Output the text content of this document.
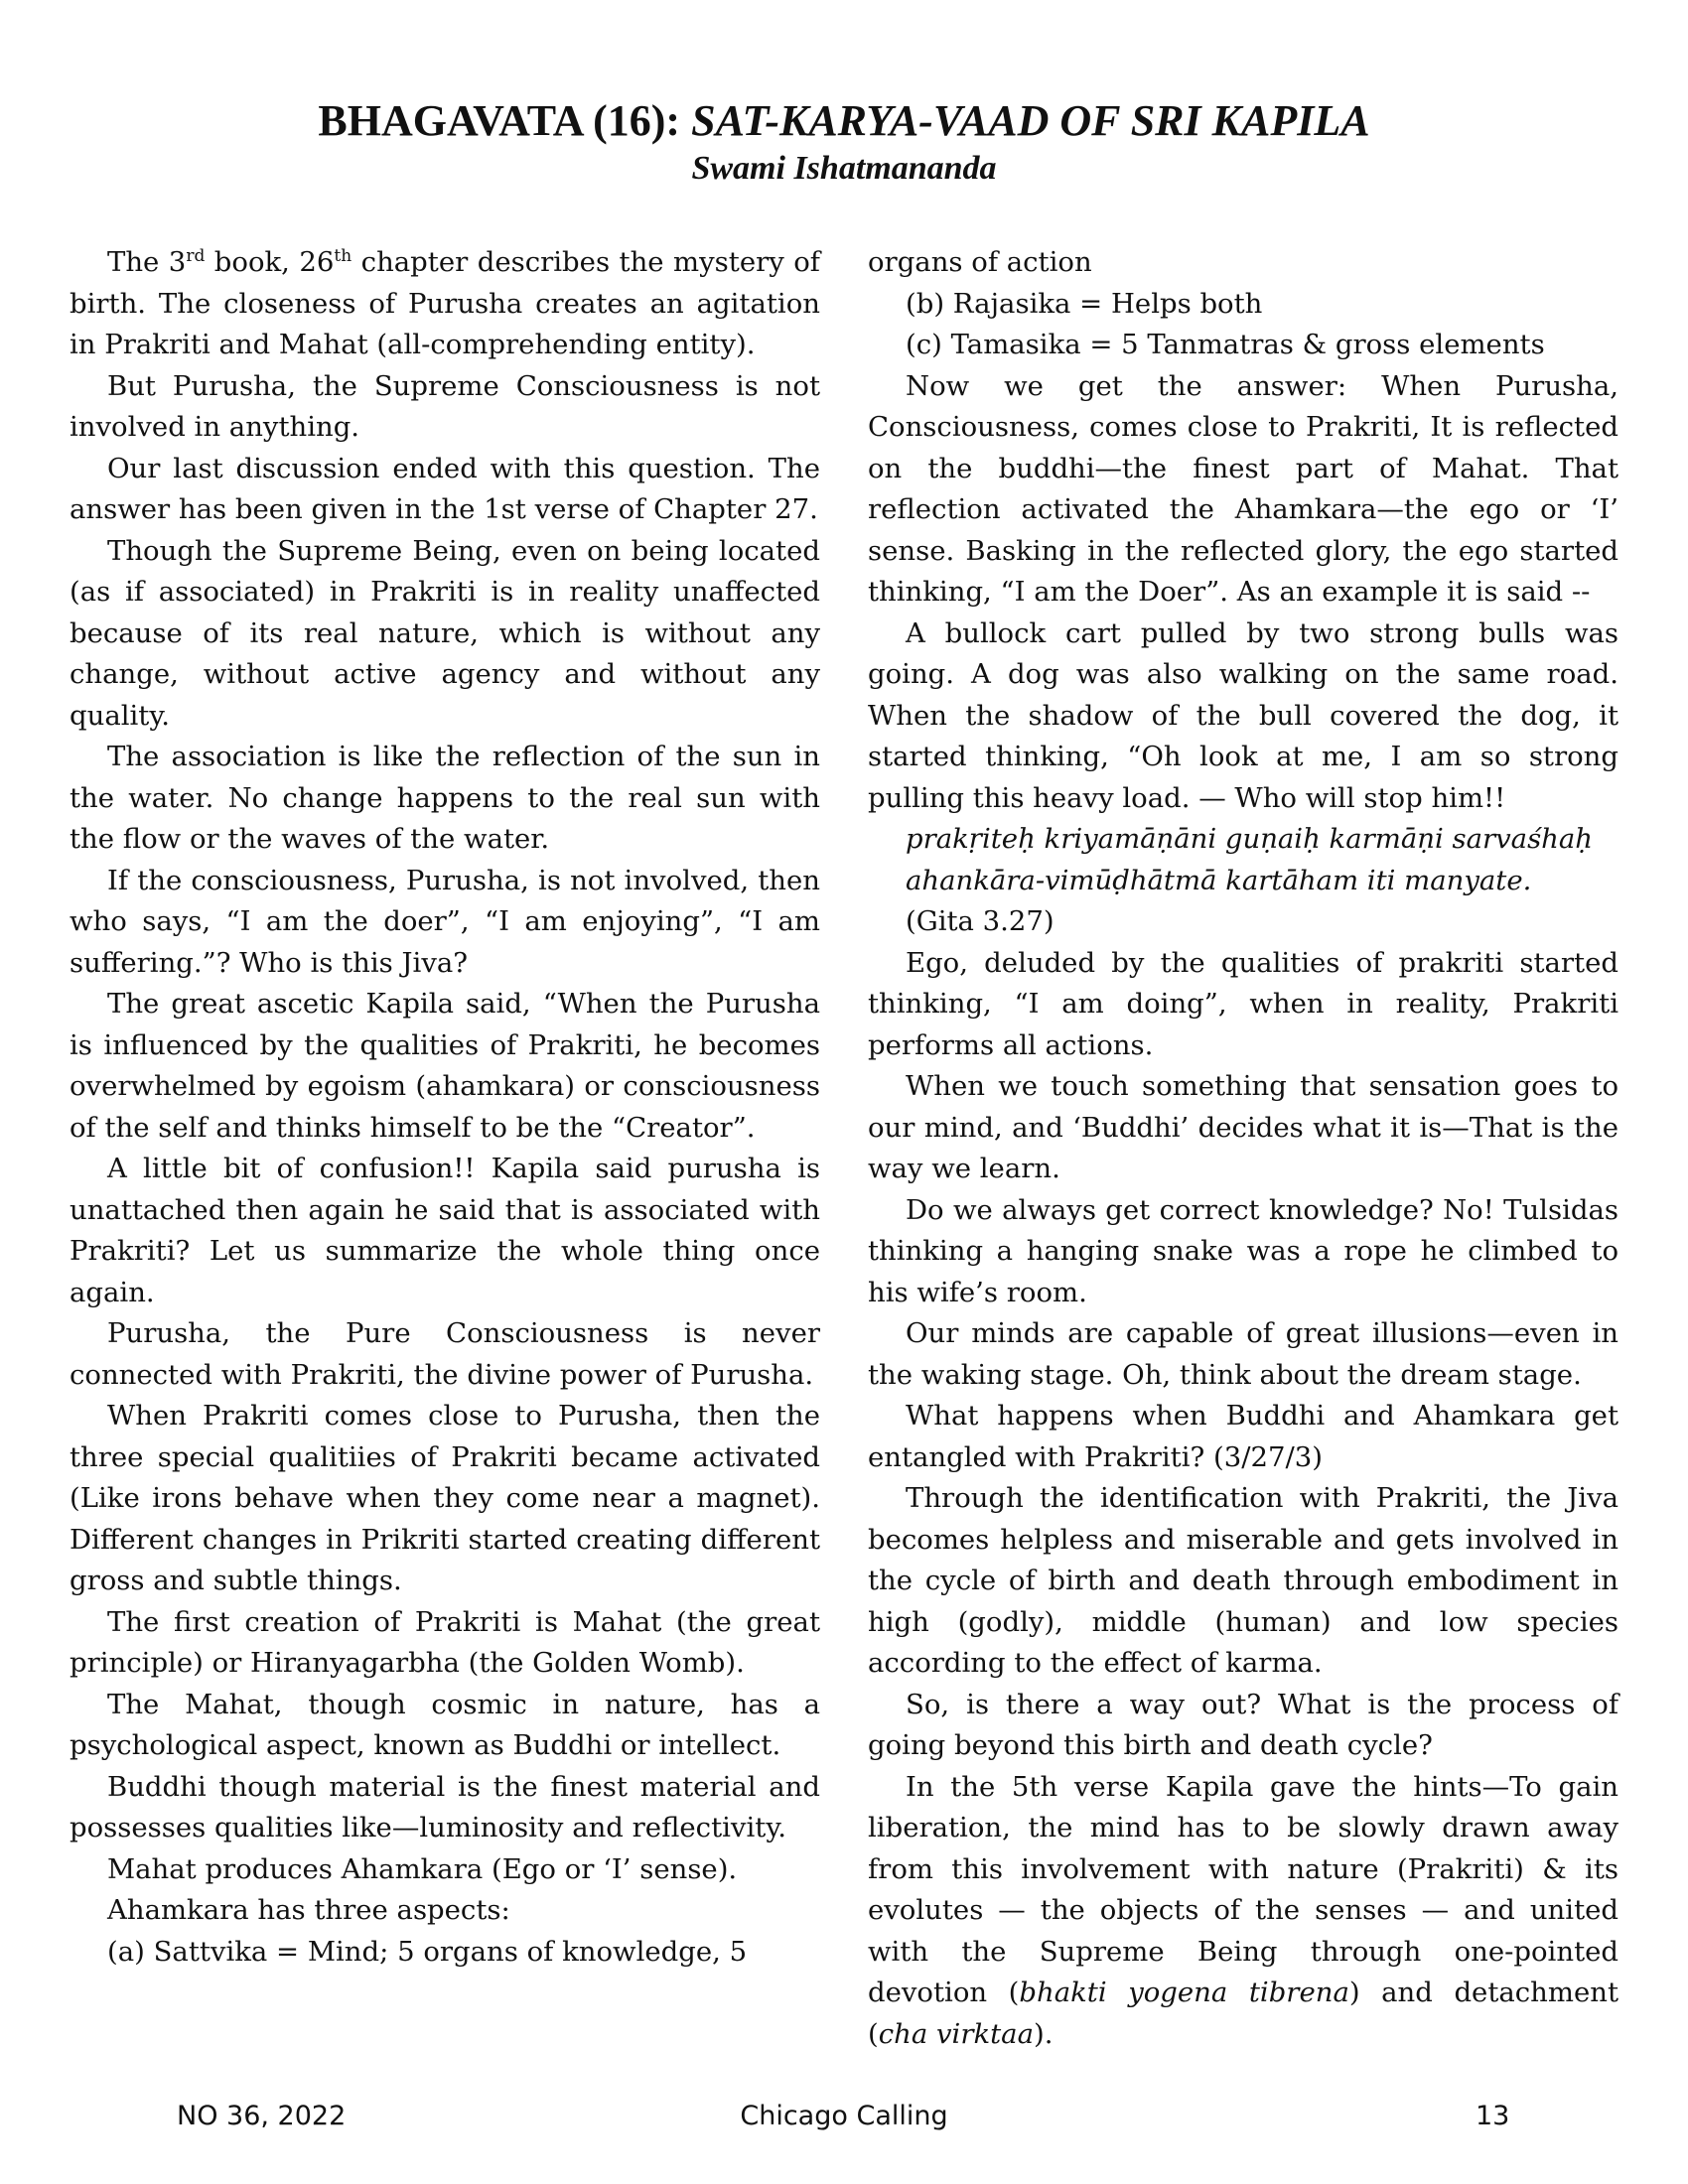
BHAGAVATA (16): SAT-KARYA-VAAD OF SRI KAPILA
Swami Ishatmananda

The 3rd book, 26th chapter describes the mystery of birth. The closeness of Purusha creates an agitation in Prakriti and Mahat (all-comprehending entity).

But Purusha, the Supreme Consciousness is not involved in anything.

Our last discussion ended with this question. The answer has been given in the 1st verse of Chapter 27.

Though the Supreme Being, even on being located (as if associated) in Prakriti is in reality unaffected because of its real nature, which is without any change, without active agency and without any quality.

The association is like the reflection of the sun in the water. No change happens to the real sun with the flow or the waves of the water.

If the consciousness, Purusha, is not involved, then who says, “I am the doer”, “I am enjoying”, “I am suffering.”? Who is this Jiva?

The great ascetic Kapila said, “When the Purusha is influenced by the qualities of Prakriti, he becomes overwhelmed by egoism (ahamkara) or consciousness of the self and thinks himself to be the “Creator”.

A little bit of confusion!! Kapila said purusha is unattached then again he said that is associated with Prakriti? Let us summarize the whole thing once again.

Purusha, the Pure Consciousness is never connected with Prakriti, the divine power of Purusha.

When Prakriti comes close to Purusha, then the three special qualitiies of Prakriti became activated (Like irons behave when they come near a magnet). Different changes in Prikriti started creating different gross and subtle things.

The first creation of Prakriti is Mahat (the great principle) or Hiranyagarbha (the Golden Womb).

The Mahat, though cosmic in nature, has a psychological aspect, known as Buddhi or intellect.

Buddhi though material is the finest material and possesses qualities like—luminosity and reflectivity.

Mahat produces Ahamkara (Ego or ‘I’ sense).

Ahamkara has three aspects:

(a) Sattvika = Mind; 5 organs of knowledge, 5

organs of action

(b) Rajasika = Helps both

(c) Tamasika = 5 Tanmatras & gross elements

Now we get the answer: When Purusha, Consciousness, comes close to Prakriti, It is reflected on the buddhi—the finest part of Mahat. That reflection activated the Ahamkara—the ego or ‘I’ sense. Basking in the reflected glory, the ego started thinking, “I am the Doer”. As an example it is said --

A bullock cart pulled by two strong bulls was going. A dog was also walking on the same road. When the shadow of the bull covered the dog, it started thinking, “Oh look at me, I am so strong pulling this heavy load. — Who will stop him!!

prakṛiteḥ kriyamāṇāni guṇaiḥ karmāṇi sarvaśhaḥ

ahankāra-vimūḍhātmā kartāham iti manyate.

(Gita 3.27)

Ego, deluded by the qualities of prakriti started thinking, “I am doing”, when in reality, Prakriti performs all actions.

When we touch something that sensation goes to our mind, and ‘Buddhi’ decides what it is—That is the way we learn.

Do we always get correct knowledge? No! Tulsidas thinking a hanging snake was a rope he climbed to his wife’s room.

Our minds are capable of great illusions—even in the waking stage. Oh, think about the dream stage.

What happens when Buddhi and Ahamkara get entangled with Prakriti? (3/27/3)

Through the identification with Prakriti, the Jiva becomes helpless and miserable and gets involved in the cycle of birth and death through embodiment in high (godly), middle (human) and low species according to the effect of karma.

So, is there a way out? What is the process of going beyond this birth and death cycle?

In the 5th verse Kapila gave the hints—To gain liberation, the mind has to be slowly drawn away from this involvement with nature (Prakriti) & its evolutes — the objects of the senses — and united with the Supreme Being through one-pointed devotion (bhakti yogena tibrena) and detachment (cha virktaa).

NO 36, 2022	Chicago Calling	13
